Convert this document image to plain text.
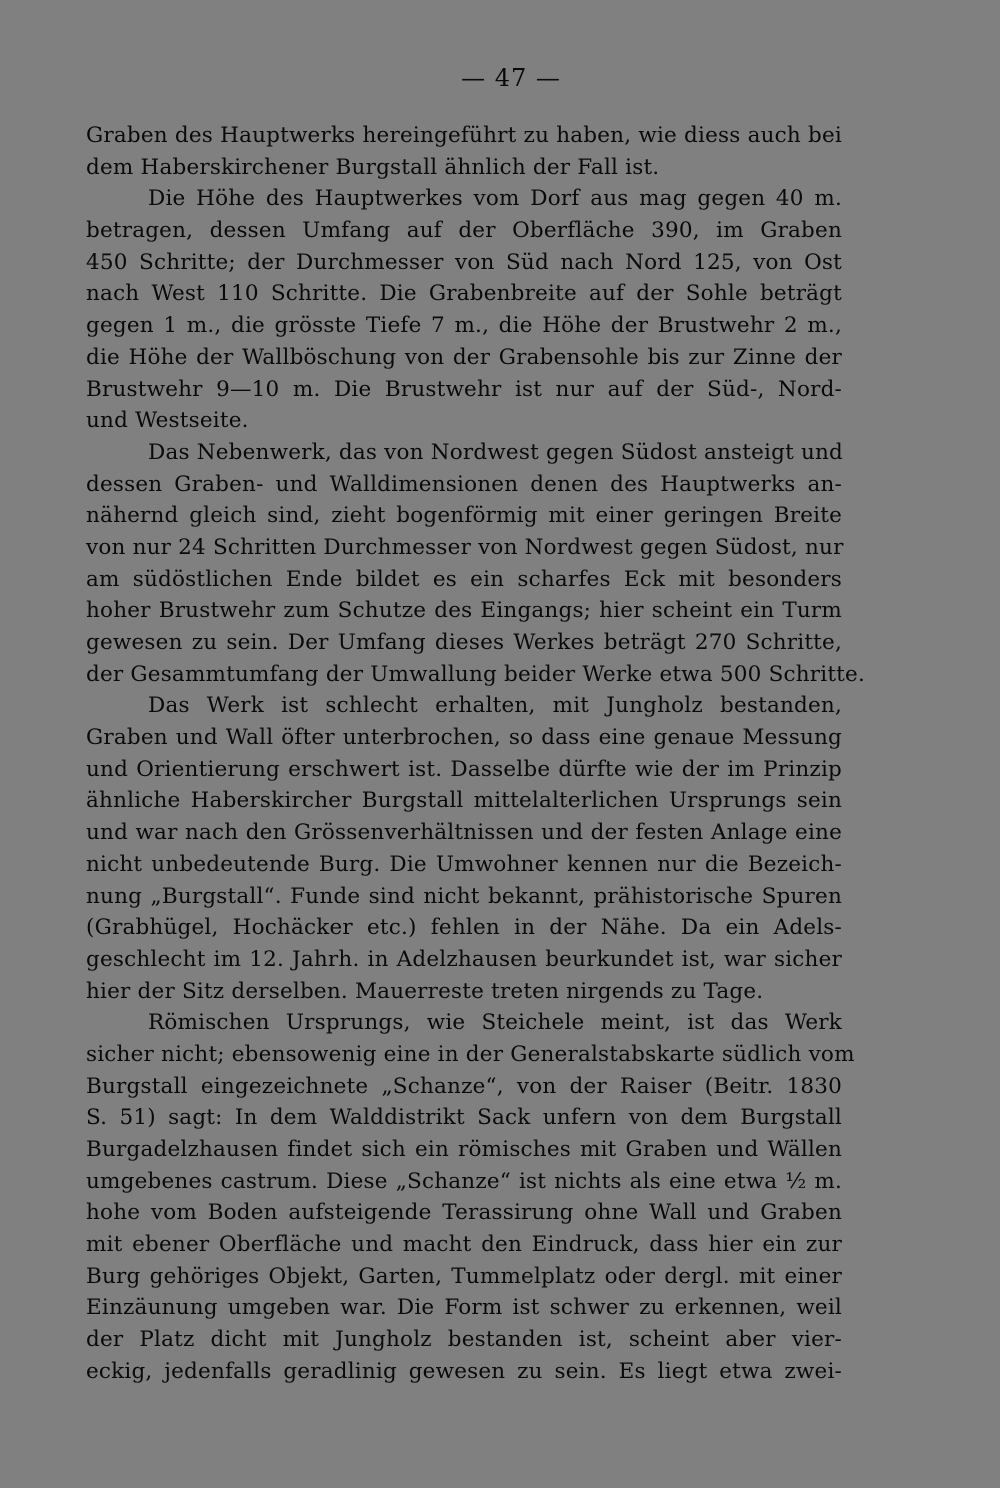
— 47 —
Graben des Hauptwerks hereingeführt zu haben, wie diess auch bei
dem Haberskirchener Burgstall ähnlich der Fall ist.
Die Höhe des Hauptwerkes vom Dorf aus mag gegen 40 m.
betragen, dessen Umfang auf der Oberfläche 390, im Graben
450 Schritte; der Durchmesser von Süd nach Nord 125, von Ost
nach West 110 Schritte. Die Grabenbreite auf der Sohle beträgt
gegen 1 m., die grösste Tiefe 7 m., die Höhe der Brustwehr 2 m.,
die Höhe der Wallböschung von der Grabensohle bis zur Zinne der
Brustwehr 9—10 m. Die Brustwehr ist nur auf der Süd-, Nord-
und Westseite.
Das Nebenwerk, das von Nordwest gegen Südost ansteigt und
dessen Graben- und Walldimensionen denen des Hauptwerks an-
nähernd gleich sind, zieht bogenförmig mit einer geringen Breite
von nur 24 Schritten Durchmesser von Nordwest gegen Südost, nur
am südöstlichen Ende bildet es ein scharfes Eck mit besonders
hoher Brustwehr zum Schutze des Eingangs; hier scheint ein Turm
gewesen zu sein. Der Umfang dieses Werkes beträgt 270 Schritte,
der Gesammtumfang der Umwallung beider Werke etwa 500 Schritte.
Das Werk ist schlecht erhalten, mit Jungholz bestanden,
Graben und Wall öfter unterbrochen, so dass eine genaue Messung
und Orientierung erschwert ist. Dasselbe dürfte wie der im Prinzip
ähnliche Haberskircher Burgstall mittelalterlichen Ursprungs sein
und war nach den Grössenverhältnissen und der festen Anlage eine
nicht unbedeutende Burg. Die Umwohner kennen nur die Bezeich-
nung „Burgstall“. Funde sind nicht bekannt, prähistorische Spuren
(Grabhügel, Hochäcker etc.) fehlen in der Nähe. Da ein Adels-
geschlecht im 12. Jahrh. in Adelzhausen beurkundet ist, war sicher
hier der Sitz derselben. Mauerreste treten nirgends zu Tage.
Römischen Ursprungs, wie Steichele meint, ist das Werk
sicher nicht; ebensowenig eine in der Generalstabskarte südlich vom
Burgstall eingezeichnete „Schanze“, von der Raiser (Beitr. 1830
S. 51) sagt: In dem Walddistrikt Sack unfern von dem Burgstall
Burgadelzhausen findet sich ein römisches mit Graben und Wällen
umgebenes castrum. Diese „Schanze“ ist nichts als eine etwa ½ m.
hohe vom Boden aufsteigende Terassirung ohne Wall und Graben
mit ebener Oberfläche und macht den Eindruck, dass hier ein zur
Burg gehöriges Objekt, Garten, Tummelplatz oder dergl. mit einer
Einzäunung umgeben war. Die Form ist schwer zu erkennen, weil
der Platz dicht mit Jungholz bestanden ist, scheint aber vier-
eckig, jedenfalls geradlinig gewesen zu sein. Es liegt etwa zwei-
